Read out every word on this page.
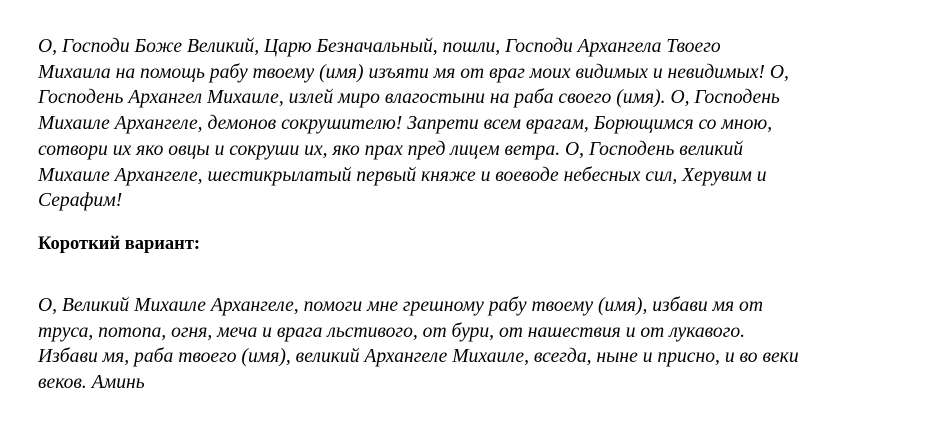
О, Господи Боже Великий, Царю Безначальный, пошли, Господи Архангела Твоего
Михаила на помощь рабу твоему (имя) изъяти мя от враг моих видимых и невидимых! О,
Господень Архангел Михаиле, излей миро влагостыни на раба своего (имя). О, Господень
Михаиле Архангеле, демонов сокрушителю! Запрети всем врагам, Борющимся со мною,
сотвори их яко овцы и сокруши их, яко прах пред лицем ветра. О, Господень великий
Михаиле Архангеле, шестикрылатый первый княже и воеводе небесных сил, Херувим и
Серафим!
Короткий вариант:
О, Великий Михаиле Архангеле, помоги мне грешному рабу твоему (имя), избави мя от
труса, потопа, огня, меча и врага льстивого, от бури, от нашествия и от лукавого.
Избави мя, раба твоего (имя), великий Архангеле Михаиле, всегда, ныне и присно, и во веки
веков. Аминь
